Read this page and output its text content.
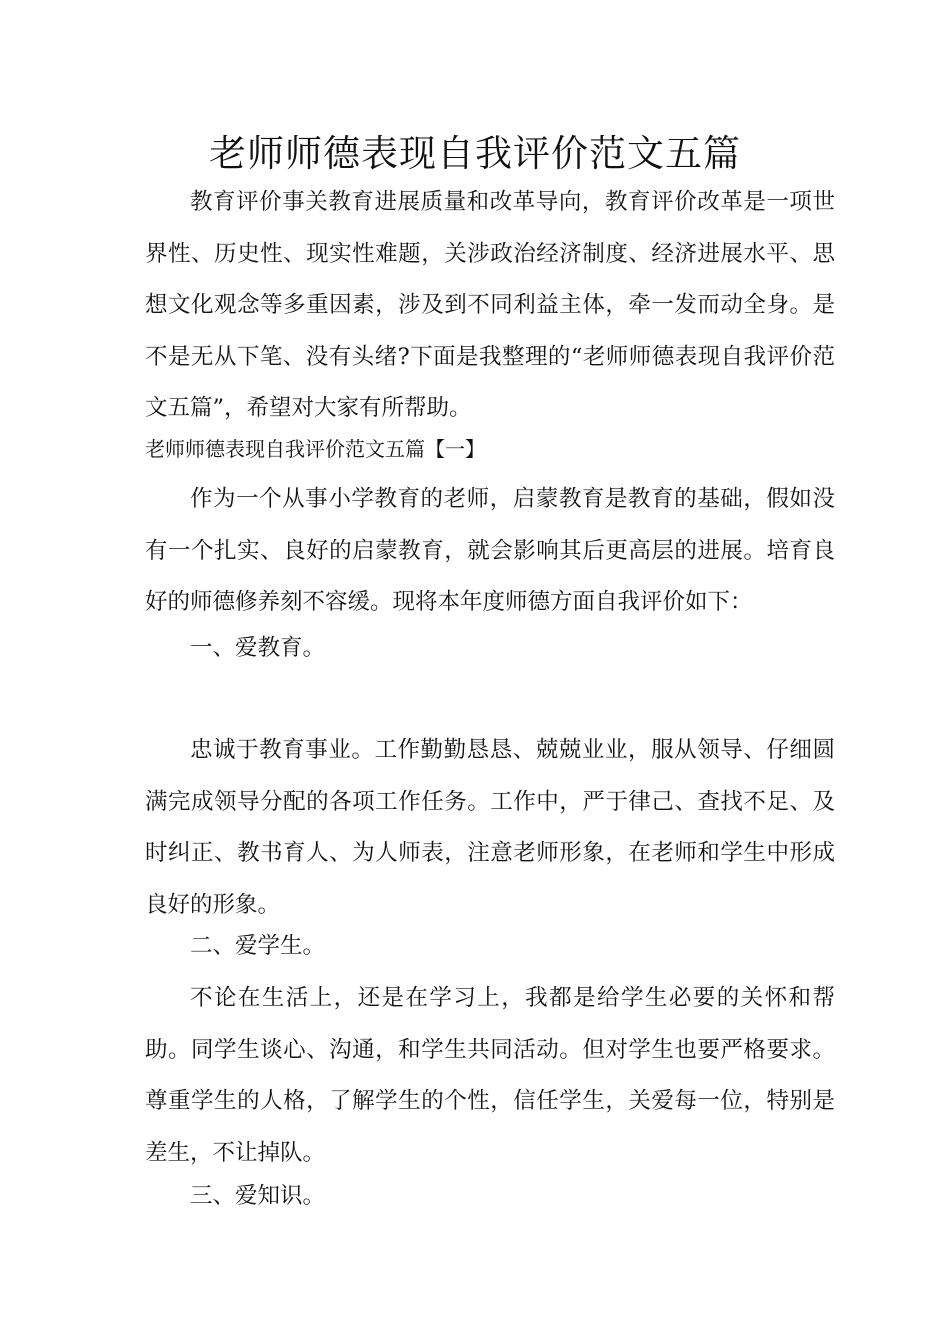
老师师德表现自我评价范文五篇

教育评价事关教育进展质量和改革导向，教育评价改革是一项世界性、历史性、现实性难题，关涉政治经济制度、经济进展水平、思想文化观念等多重因素，涉及到不同利益主体，牵一发而动全身。是不是无从下笔、没有头绪?下面是我整理的“老师师德表现自我评价范文五篇”，希望对大家有所帮助。

老师师德表现自我评价范文五篇【一】

作为一个从事小学教育的老师，启蒙教育是教育的基础，假如没有一个扎实、良好的启蒙教育，就会影响其后更高层的进展。培育良好的师德修养刻不容缓。现将本年度师德方面自我评价如下：

一、爱教育。

忠诚于教育事业。工作勤勤恳恳、兢兢业业，服从领导、仔细圆满完成领导分配的各项工作任务。工作中，严于律己、查找不足、及时纠正、教书育人、为人师表，注意老师形象，在老师和学生中形成良好的形象。

二、爱学生。

不论在生活上，还是在学习上，我都是给学生必要的关怀和帮助。同学生谈心、沟通，和学生共同活动。但对学生也要严格要求。尊重学生的人格，了解学生的个性，信任学生，关爱每一位，特别是差生，不让掉队。

三、爱知识。
